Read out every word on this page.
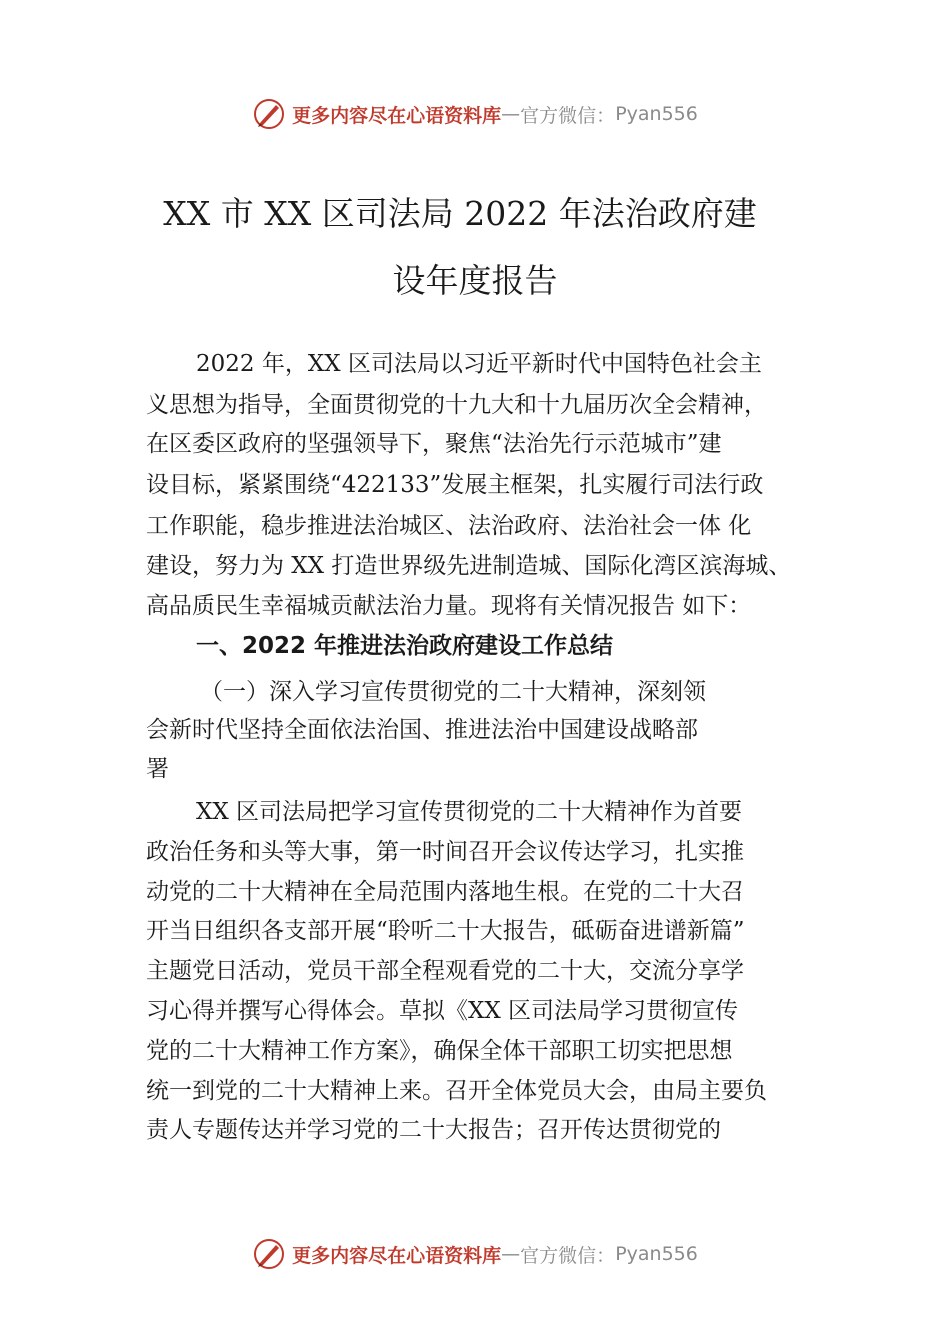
更多内容尽在心语资料库 — 官方微信： Pyan556
XX 市 XX 区司法局 2022 年法治政府建
设年度报告

2022 年，XX 区司法局以习近平新时代中国特色社会主

义思想为指导，全面贯彻党的十九大和十九届历次全会精神，

在区委区政府的坚强领导下，聚焦“法治先行示范城市”建

设目标，紧紧围绕“422133”发展主框架，扎实履行司法行政

工作职能，稳步推进法治城区、法治政府、法治社会一体 化

建设，努力为 XX 打造世界级先进制造城、国际化湾区滨海城、

高品质民生幸福城贡献法治力量。现将有关情况报告 如下：

一、2022 年推进法治政府建设工作总结

（一）深入学习宣传贯彻党的二十大精神，深刻领

会新时代坚持全面依法治国、推进法治中国建设战略部

署

XX 区司法局把学习宣传贯彻党的二十大精神作为首要

政治任务和头等大事，第一时间召开会议传达学习，扎实推

动党的二十大精神在全局范围内落地生根。在党的二十大召

开当日组织各支部开展“聆听二十大报告，砥砺奋进谱新篇”

主题党日活动，党员干部全程观看党的二十大，交流分享学

习心得并撰写心得体会。草拟《XX 区司法局学习贯彻宣传

党的二十大精神工作方案》，确保全体干部职工切实把思想

统一到党的二十大精神上来。召开全体党员大会，由局主要负

责人专题传达并学习党的二十大报告；召开传达贯彻党的

更多内容尽在心语资料库 — 官方微信： Pyan556
